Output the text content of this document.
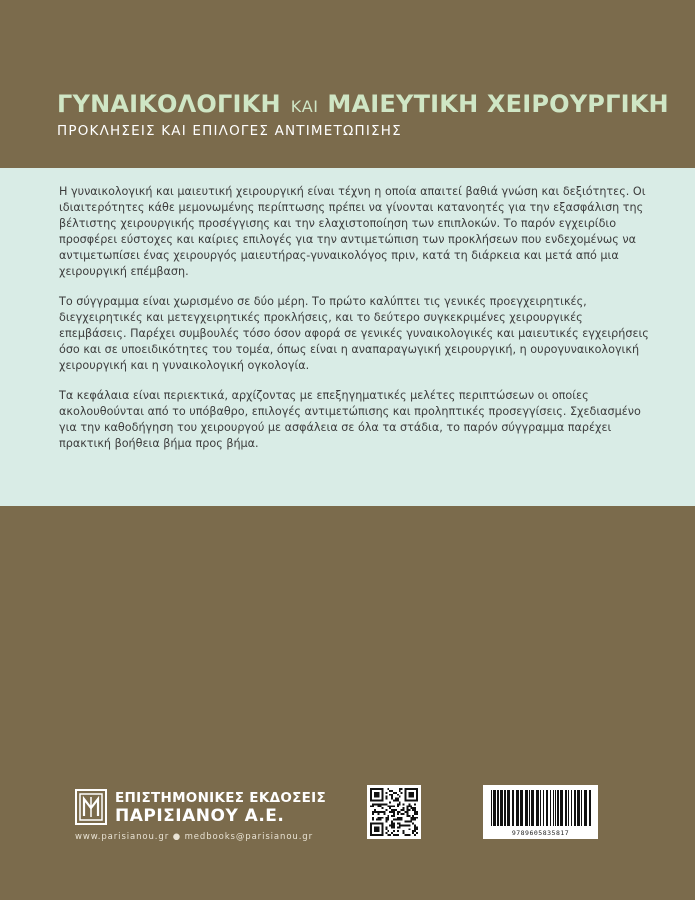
ΓΥΝΑΙΚΟΛΟΓΙΚΗ ΚΑΙ ΜΑΙΕΥΤΙΚΗ ΧΕΙΡΟΥΡΓΙΚΗ
ΠΡΟΚΛΗΣΕΙΣ ΚΑΙ ΕΠΙΛΟΓΕΣ ΑΝΤΙΜΕΤΩΠΙΣΗΣ

Η γυναικολογική και μαιευτική χειρουργική είναι τέχνη η οποία απαιτεί βαθιά γνώση και δεξιότητες. Οι ιδιαιτερότητες κάθε μεμονωμένης περίπτωσης πρέπει να γίνονται κατανοητές για την εξασφάλιση της βέλτιστης χειρουργικής προσέγγισης και την ελαχιστοποίηση των επιπλοκών. Το παρόν εγχειρίδιο προσφέρει εύστοχες και καίριες επιλογές για την αντιμετώπιση των προκλήσεων που ενδεχομένως να αντιμετωπίσει ένας χειρουργός μαιευτήρας-γυναικολόγος πριν, κατά τη διάρκεια και μετά από μια χειρουργική επέμβαση.

Το σύγγραμμα είναι χωρισμένο σε δύο μέρη. Το πρώτο καλύπτει τις γενικές προεγχειρητικές, διεγχειρητικές και μετεγχειρητικές προκλήσεις, και το δεύτερο συγκεκριμένες χειρουργικές επεμβάσεις. Παρέχει συμβουλές τόσο όσον αφορά σε γενικές γυναικολογικές και μαιευτικές εγχειρήσεις όσο και σε υποειδικότητες του τομέα, όπως είναι η αναπαραγωγική χειρουργική, η ουρογυναικολογική χειρουργική και η γυναικολογική ογκολογία.

Τα κεφάλαια είναι περιεκτικά, αρχίζοντας με επεξηγηματικές μελέτες περιπτώσεων οι οποίες ακολουθούνται από το υπόβαθρο, επιλογές αντιμετώπισης και προληπτικές προσεγγίσεις. Σχεδιασμένο για την καθοδήγηση του χειρουργού με ασφάλεια σε όλα τα στάδια, το παρόν σύγγραμμα παρέχει πρακτική βοήθεια βήμα προς βήμα.

ΕΠΙΣΤΗΜΟΝΙΚΕΣ ΕΚΔΟΣΕΙΣ
ΠΑΡΙΣΙΑΝΟΥ Α.Ε.
www.parisianou.gr ● medbooks@parisianou.gr	9789605835817
